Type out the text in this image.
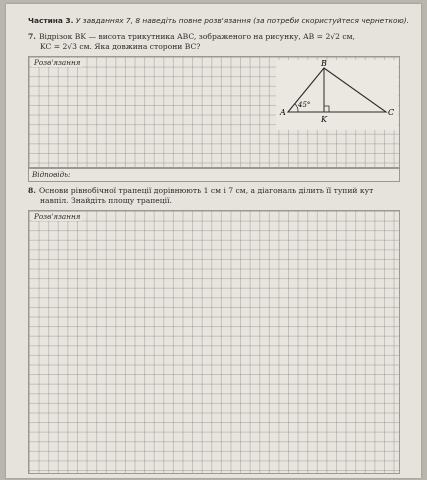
Частина 3. У завданнях 7, 8 наведіть повне розв'язання (за потреби скористуйтеся чернеткою).
7. Відрізок BK — висота трикутника ABC, зображеного на рисунку, AB = 2√2 см,
KC = 2√3 см. Яка довжина сторони BC?
Розв'язання
45°
A
B
C
K
Відповідь:
8. Основи рівнобічної трапеції дорівнюють 1 см і 7 см, а діагональ ділить її тупий кут
навпіл. Знайдіть площу трапеції.
Розв'язання
